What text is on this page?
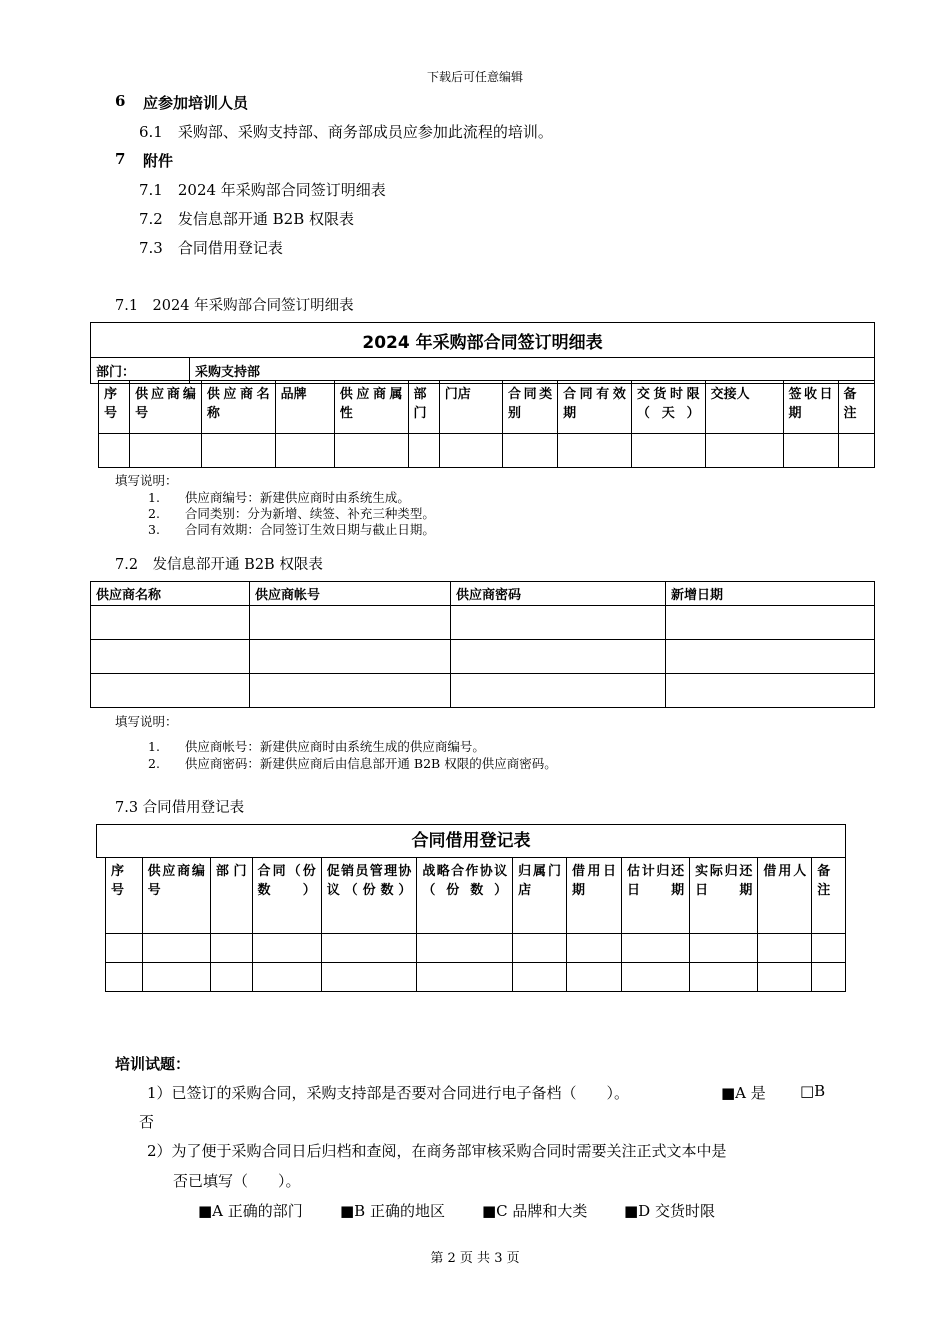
下载后可任意编辑
6 应参加培训人员
6.1　采购部、采购支持部、商务部成员应参加此流程的培训。
7 附件
7.1　2024 年采购部合同签订明细表
7.2　发信息部开通 B2B 权限表
7.3　合同借用登记表
7.1　2024 年采购部合同签订明细表
2024 年采购部合同签订明细表
部门：	采购支持部
序号	供应商编号	供应商名称	品牌	供应商属性	部门	门店	合同类别	合同有效期	交货时限（天）	交接人	签收日期	备注

填写说明：
1.　　供应商编号：新建供应商时由系统生成。
2.　　合同类别：分为新增、续签、补充三种类型。
3.　　合同有效期：合同签订生效日期与截止日期。
7.2　发信息部开通 B2B 权限表
供应商名称	供应商帐号	供应商密码	新增日期

填写说明：
1.　　供应商帐号：新建供应商时由系统生成的供应商编号。
2.　　供应商密码：新建供应商后由信息部开通 B2B 权限的供应商密码。
7.3 合同借用登记表
合同借用登记表
序号	供应商编号	部门	合同（份数）	促销员管理协议（份数）	战略合作协议（份数）	归属门店	借用日期	估计归还日期	实际归还日期	借用人	备注

培训试题：
1）已签订的采购合同，采购支持部是否要对合同进行电子备档（　　）。	■A 是 □B
否
2）为了便于采购合同日后归档和查阅，在商务部审核采购合同时需要关注正式文本中是
否已填写（　　）。
■A 正确的部门 ■B 正确的地区 ■C 品牌和大类 ■D 交货时限
第 2 页 共 3 页
